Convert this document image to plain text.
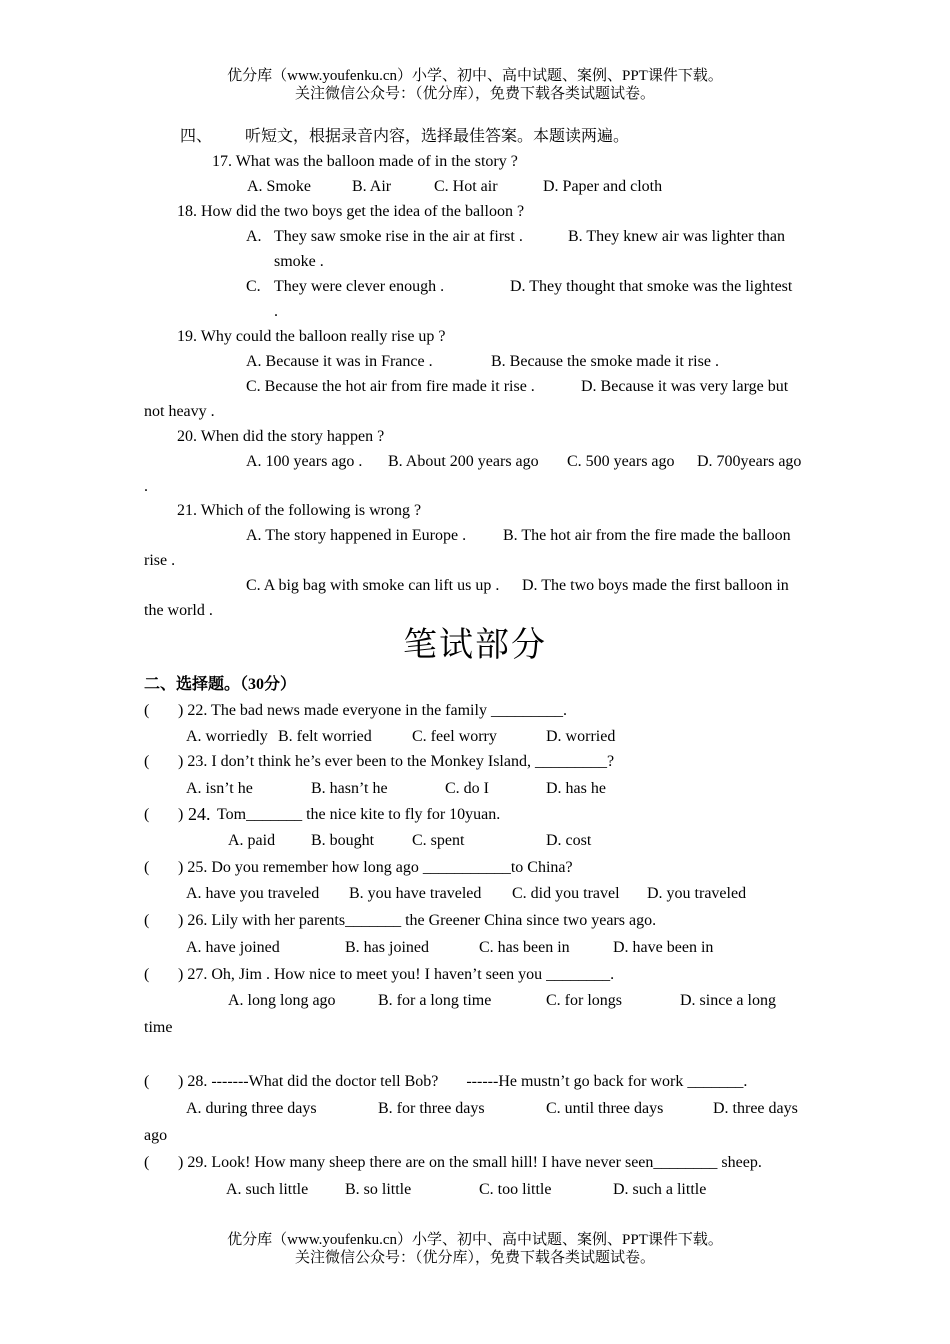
优分库（www.youfenku.cn）小学、初中、高中试题、案例、PPT课件下载。
关注微信公众号：（优分库），免费下载各类试题试卷。
四、 听短文，根据录音内容，选择最佳答案。本题读两遍。
17. What was the balloon made of in the story ?
A. Smoke	B. Air	C. Hot air	D. Paper and cloth
18. How did the two boys get the idea of the balloon ?
A. They saw smoke rise in the air at first .	B. They knew air was lighter than
smoke .
C. They were clever enough .	D. They thought that smoke was the lightest
.
19. Why could the balloon really rise up ?
A. Because it was in France .	B. Because the smoke made it rise .
C. Because the hot air from fire made it rise .	D. Because it was very large but
not heavy .
20. When did the story happen ?
A. 100 years ago . B. About 200 years ago C. 500 years ago D. 700years ago
.
21. Which of the following is wrong ?
A. The story happened in Europe . B. The hot air from the fire made the balloon
rise .
C. A big bag with smoke can lift us up . D. The two boys made the first balloon in
the world .
笔试部分
二、选择题。（30分）
( ) 22. The bad news made everyone in the family _________.
A. worriedly B. felt worried	C. feel worry	D. worried
( ) 23. I don’t think he’s ever been to the Monkey Island, _________?
A. isn’t he	B. hasn’t he	C. do I	D. has he
( ) 24. Tom_______ the nice kite to fly for 10yuan.
A. paid B. bought C. spent	D. cost
( ) 25. Do you remember how long ago ___________to China?
A. have you traveled B. you have traveled C. did you travel D. you traveled
( ) 26. Lily with her parents_______ the Greener China since two years ago.
A. have joined	B. has joined	C. has been in	D. have been in
( ) 27. Oh, Jim . How nice to meet you! I haven’t seen you ________.
A. long long ago	B. for a long time	C. for longs	D. since a long
time
( ) 28. -------What did the doctor tell Bob?       ------He mustn’t go back for work _______.
A. during three days	B. for three days	C. until three days	D. three days
ago
( ) 29. Look! How many sheep there are on the small hill! I have never seen________ sheep.
A. such little B. so little	C. too little	D. such a little
优分库（www.youfenku.cn）小学、初中、高中试题、案例、PPT课件下载。
关注微信公众号：（优分库），免费下载各类试题试卷。
